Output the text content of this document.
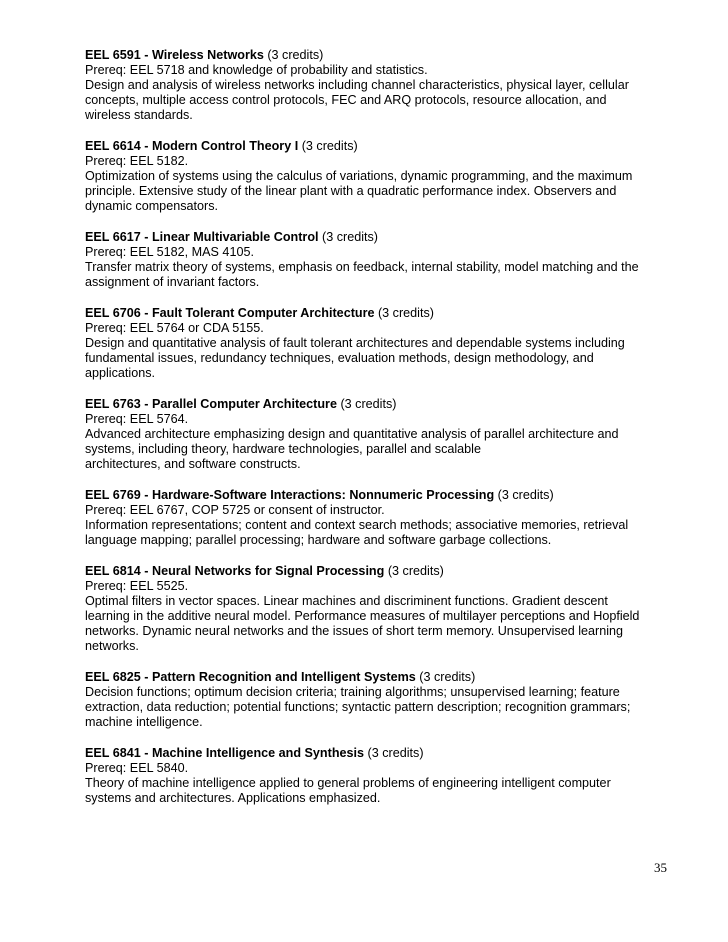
EEL 6591 - Wireless Networks (3 credits)
Prereq: EEL 5718 and knowledge of probability and statistics.
Design and analysis of wireless networks including channel characteristics, physical layer, cellular
concepts, multiple access control protocols, FEC and ARQ protocols, resource allocation, and
wireless standards.
EEL 6614 - Modern Control Theory I (3 credits)
Prereq: EEL 5182.
Optimization of systems using the calculus of variations, dynamic programming, and the maximum
principle. Extensive study of the linear plant with a quadratic performance index. Observers and
dynamic compensators.
EEL 6617 - Linear Multivariable Control (3 credits)
Prereq: EEL 5182, MAS 4105.
Transfer matrix theory of systems, emphasis on feedback, internal stability, model matching and the
assignment of invariant factors.
EEL 6706 - Fault Tolerant Computer Architecture (3 credits)
Prereq: EEL 5764 or CDA 5155.
Design and quantitative analysis of fault tolerant architectures and dependable systems including
fundamental issues, redundancy techniques, evaluation methods, design methodology, and
applications.
EEL 6763 - Parallel Computer Architecture (3 credits)
Prereq: EEL 5764.
Advanced architecture emphasizing design and quantitative analysis of parallel architecture and
systems, including theory, hardware technologies, parallel and scalable
architectures, and software constructs.
EEL 6769 - Hardware-Software Interactions: Nonnumeric Processing (3 credits)
Prereq: EEL 6767, COP 5725 or consent of instructor.
Information representations; content and context search methods; associative memories, retrieval
language mapping; parallel processing; hardware and software garbage collections.
EEL 6814 - Neural Networks for Signal Processing (3 credits)
Prereq: EEL 5525.
Optimal filters in vector spaces. Linear machines and discriminent functions. Gradient descent
learning in the additive neural model. Performance measures of multilayer perceptions and Hopfield
networks. Dynamic neural networks and the issues of short term memory. Unsupervised learning
networks.
EEL 6825 - Pattern Recognition and Intelligent Systems (3 credits)
Decision functions; optimum decision criteria; training algorithms; unsupervised learning; feature
extraction, data reduction; potential functions; syntactic pattern description; recognition grammars;
machine intelligence.
EEL 6841 - Machine Intelligence and Synthesis (3 credits)
Prereq: EEL 5840.
Theory of machine intelligence applied to general problems of engineering intelligent computer
systems and architectures. Applications emphasized.
35
